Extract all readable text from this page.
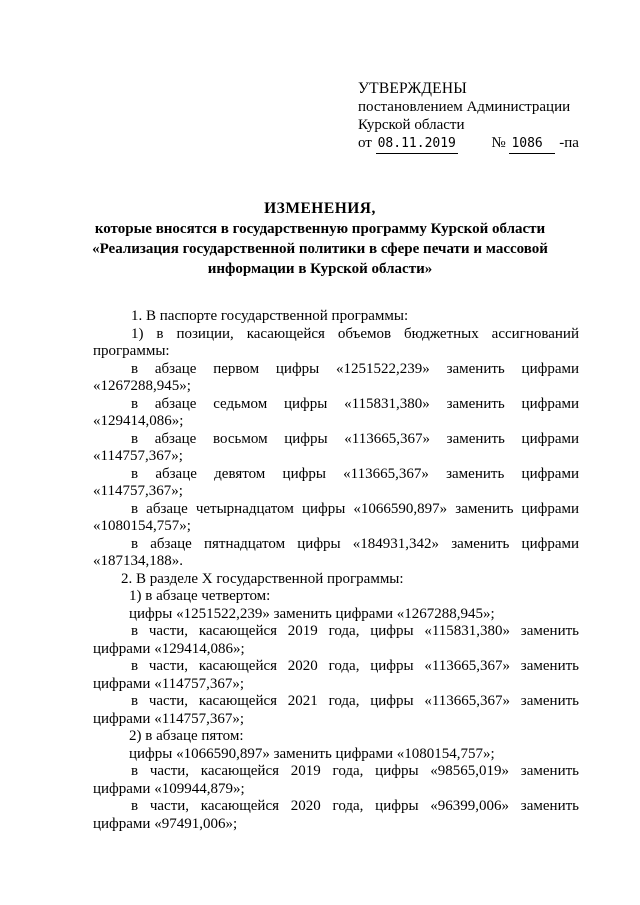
УТВЕРЖДЕНЫ
постановлением Администрации
Курской области
от 08.11.2019 № 1086 -па
ИЗМЕНЕНИЯ,
которые вносятся в государственную программу Курской области
«Реализация государственной политики в сфере печати и массовой
информации в Курской области»
1. В паспорте государственной программы:
1) в позиции, касающейся объемов бюджетных ассигнований
программы:
в абзаце первом цифры «1251522,239» заменить цифрами
«1267288,945»;
в абзаце седьмом цифры «115831,380» заменить цифрами
«129414,086»;
в абзаце восьмом цифры «113665,367» заменить цифрами
«114757,367»;
в абзаце девятом цифры «113665,367» заменить цифрами
«114757,367»;
в абзаце четырнадцатом цифры «1066590,897» заменить цифрами
«1080154,757»;
в абзаце пятнадцатом цифры «184931,342» заменить цифрами
«187134,188».
2. В разделе X государственной программы:
1) в абзаце четвертом:
цифры «1251522,239» заменить цифрами «1267288,945»;
в части, касающейся 2019 года, цифры «115831,380» заменить
цифрами «129414,086»;
в части, касающейся 2020 года, цифры «113665,367» заменить
цифрами «114757,367»;
в части, касающейся 2021 года, цифры «113665,367» заменить
цифрами «114757,367»;
2) в абзаце пятом:
цифры «1066590,897» заменить цифрами «1080154,757»;
в части, касающейся 2019 года, цифры «98565,019» заменить
цифрами «109944,879»;
в части, касающейся 2020 года, цифры «96399,006» заменить
цифрами «97491,006»;
